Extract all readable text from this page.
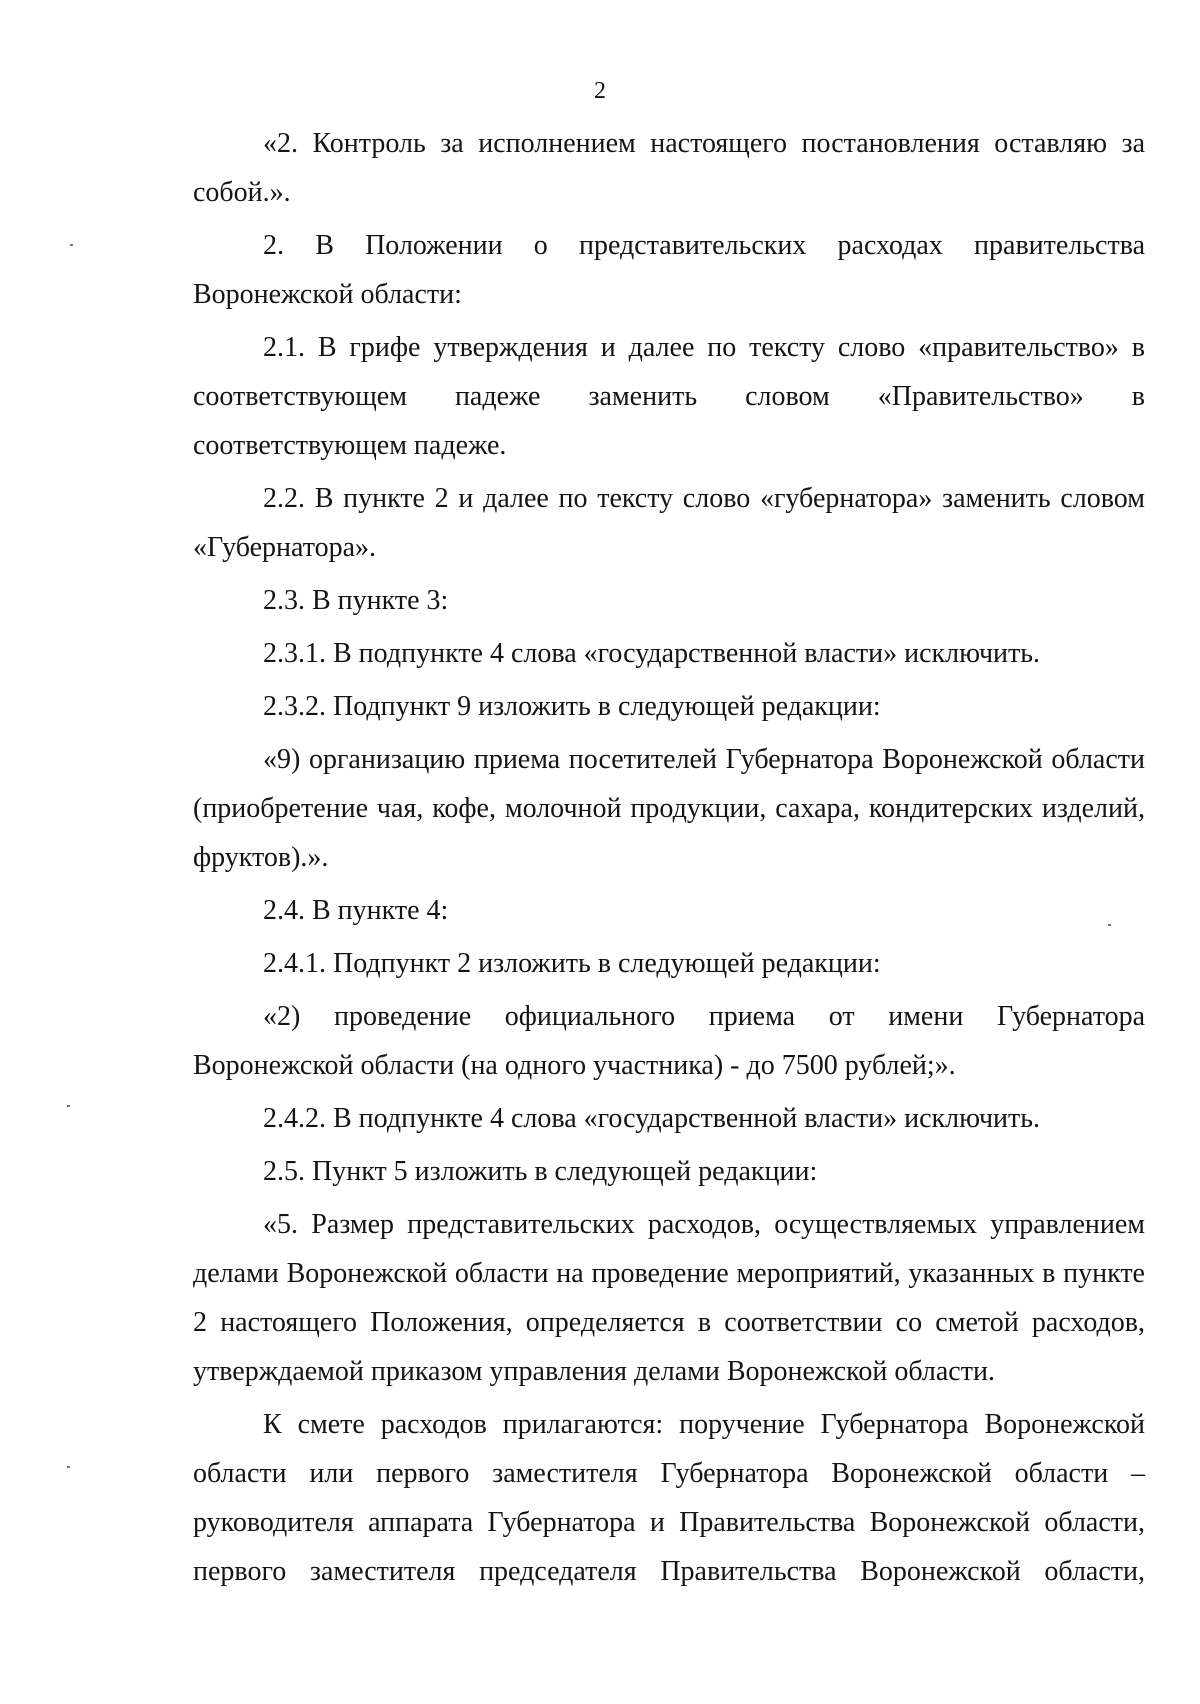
2

«2. Контроль за исполнением настоящего постановления оставляю за собой.».

2. В Положении о представительских расходах правительства Воронежской области:

2.1. В грифе утверждения и далее по тексту слово «правительство» в соответствующем падеже заменить словом «Правительство» в соответствующем падеже.

2.2. В пункте 2 и далее по тексту слово «губернатора» заменить словом «Губернатора».

2.3. В пункте 3:

2.3.1. В подпункте 4 слова «государственной власти» исключить.

2.3.2. Подпункт 9 изложить в следующей редакции:

«9) организацию приема посетителей Губернатора Воронежской области (приобретение чая, кофе, молочной продукции, сахара, кондитерских изделий, фруктов).».

2.4. В пункте 4:

2.4.1. Подпункт 2 изложить в следующей редакции:

«2) проведение официального приема от имени Губернатора Воронежской области (на одного участника) - до 7500 рублей;».

2.4.2. В подпункте 4 слова «государственной власти» исключить.

2.5. Пункт 5 изложить в следующей редакции:

«5. Размер представительских расходов, осуществляемых управлением делами Воронежской области на проведение мероприятий, указанных в пункте 2 настоящего Положения, определяется в соответствии со сметой расходов, утверждаемой приказом управления делами Воронежской области.

К смете расходов прилагаются: поручение Губернатора Воронежской области или первого заместителя Губернатора Воронежской области – руководителя аппарата Губернатора и Правительства Воронежской области, первого заместителя председателя Правительства Воронежской области,
